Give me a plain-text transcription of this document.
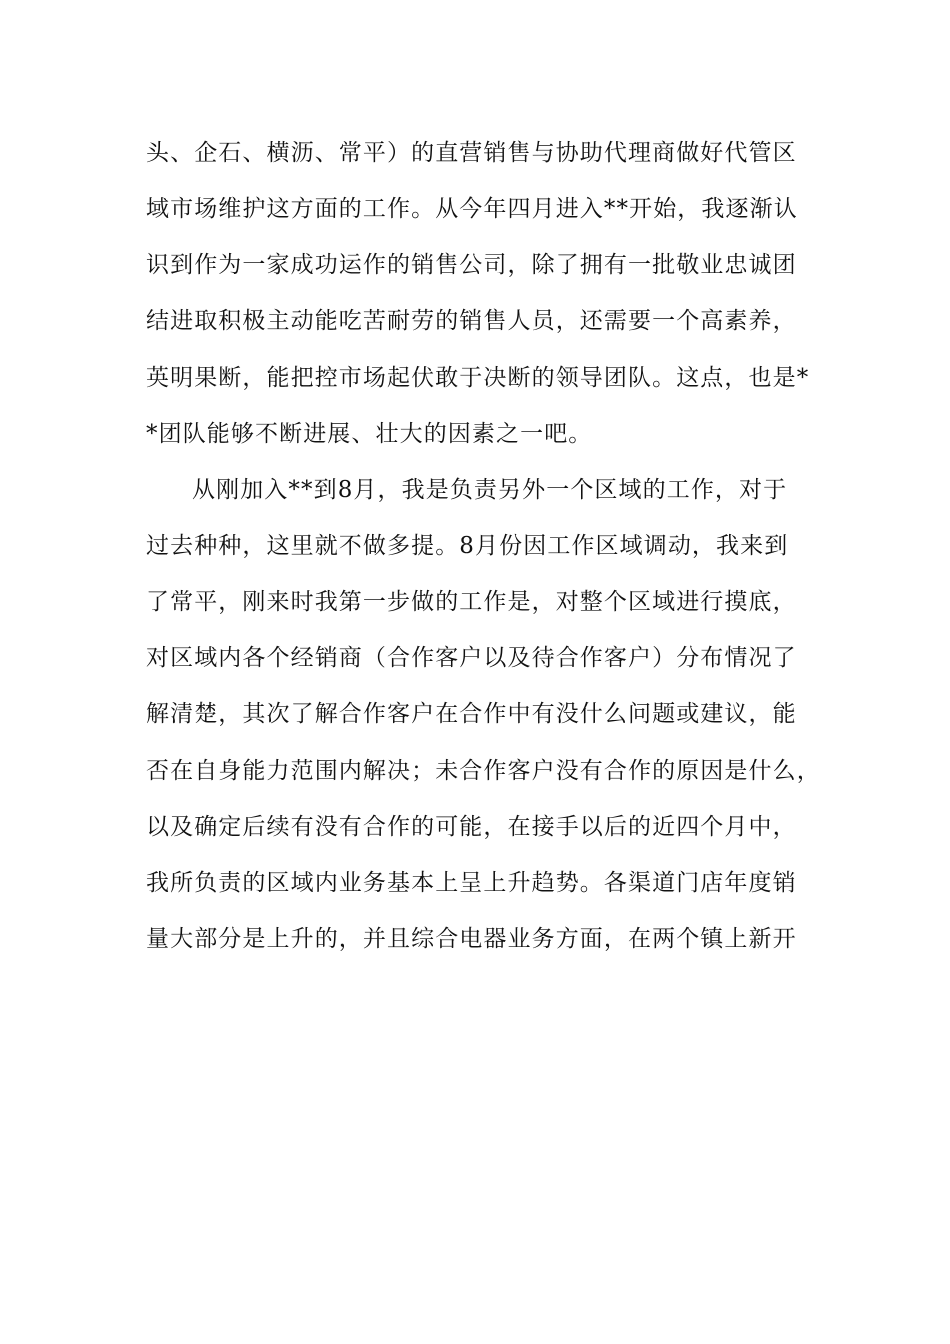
头、企石、横沥、常平）的直营销售与协助代理商做好代管区
域市场维护这方面的工作。从今年四月进入**开始，我逐渐认
识到作为一家成功运作的销售公司，除了拥有一批敬业忠诚团
结进取积极主动能吃苦耐劳的销售人员，还需要一个高素养，
英明果断，能把控市场起伏敢于决断的领导团队。这点，也是*
*团队能够不断进展、壮大的因素之一吧。
从刚加入**到8月，我是负责另外一个区域的工作，对于
过去种种，这里就不做多提。8月份因工作区域调动，我来到
了常平，刚来时我第一步做的工作是，对整个区域进行摸底，
对区域内各个经销商（合作客户以及待合作客户）分布情况了
解清楚，其次了解合作客户在合作中有没什么问题或建议，能
否在自身能力范围内解决；未合作客户没有合作的原因是什么，
以及确定后续有没有合作的可能，在接手以后的近四个月中，
我所负责的区域内业务基本上呈上升趋势。各渠道门店年度销
量大部分是上升的，并且综合电器业务方面，在两个镇上新开
